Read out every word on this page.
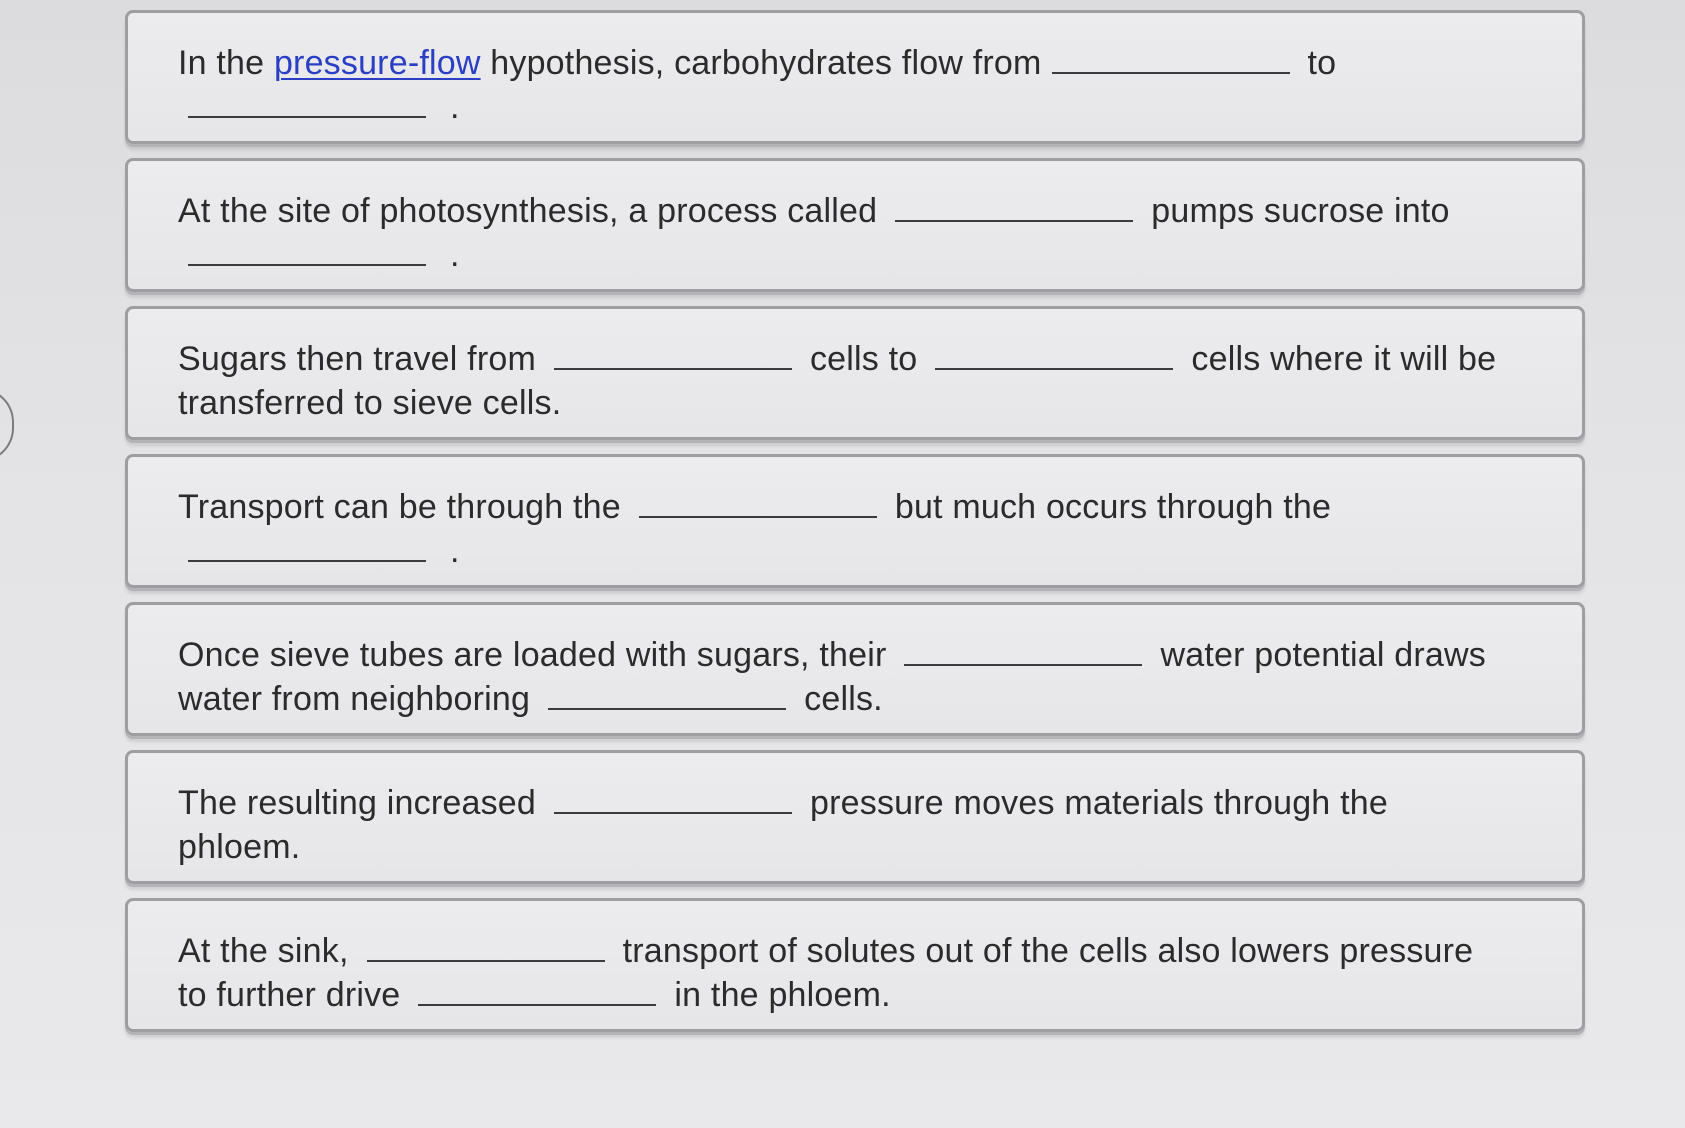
In the pressure-flow hypothesis, carbohydrates flow from	to
.

At the site of photosynthesis, a process called	pumps sucrose into
.

Sugars then travel from	cells to	cells where it will be
transferred to sieve cells.

Transport can be through the	but much occurs through the
.

Once sieve tubes are loaded with sugars, their	water potential draws
water from neighboring	cells.

The resulting increased	pressure moves materials through the
phloem.

At the sink,	transport of solutes out of the cells also lowers pressure
to further drive	in the phloem.
